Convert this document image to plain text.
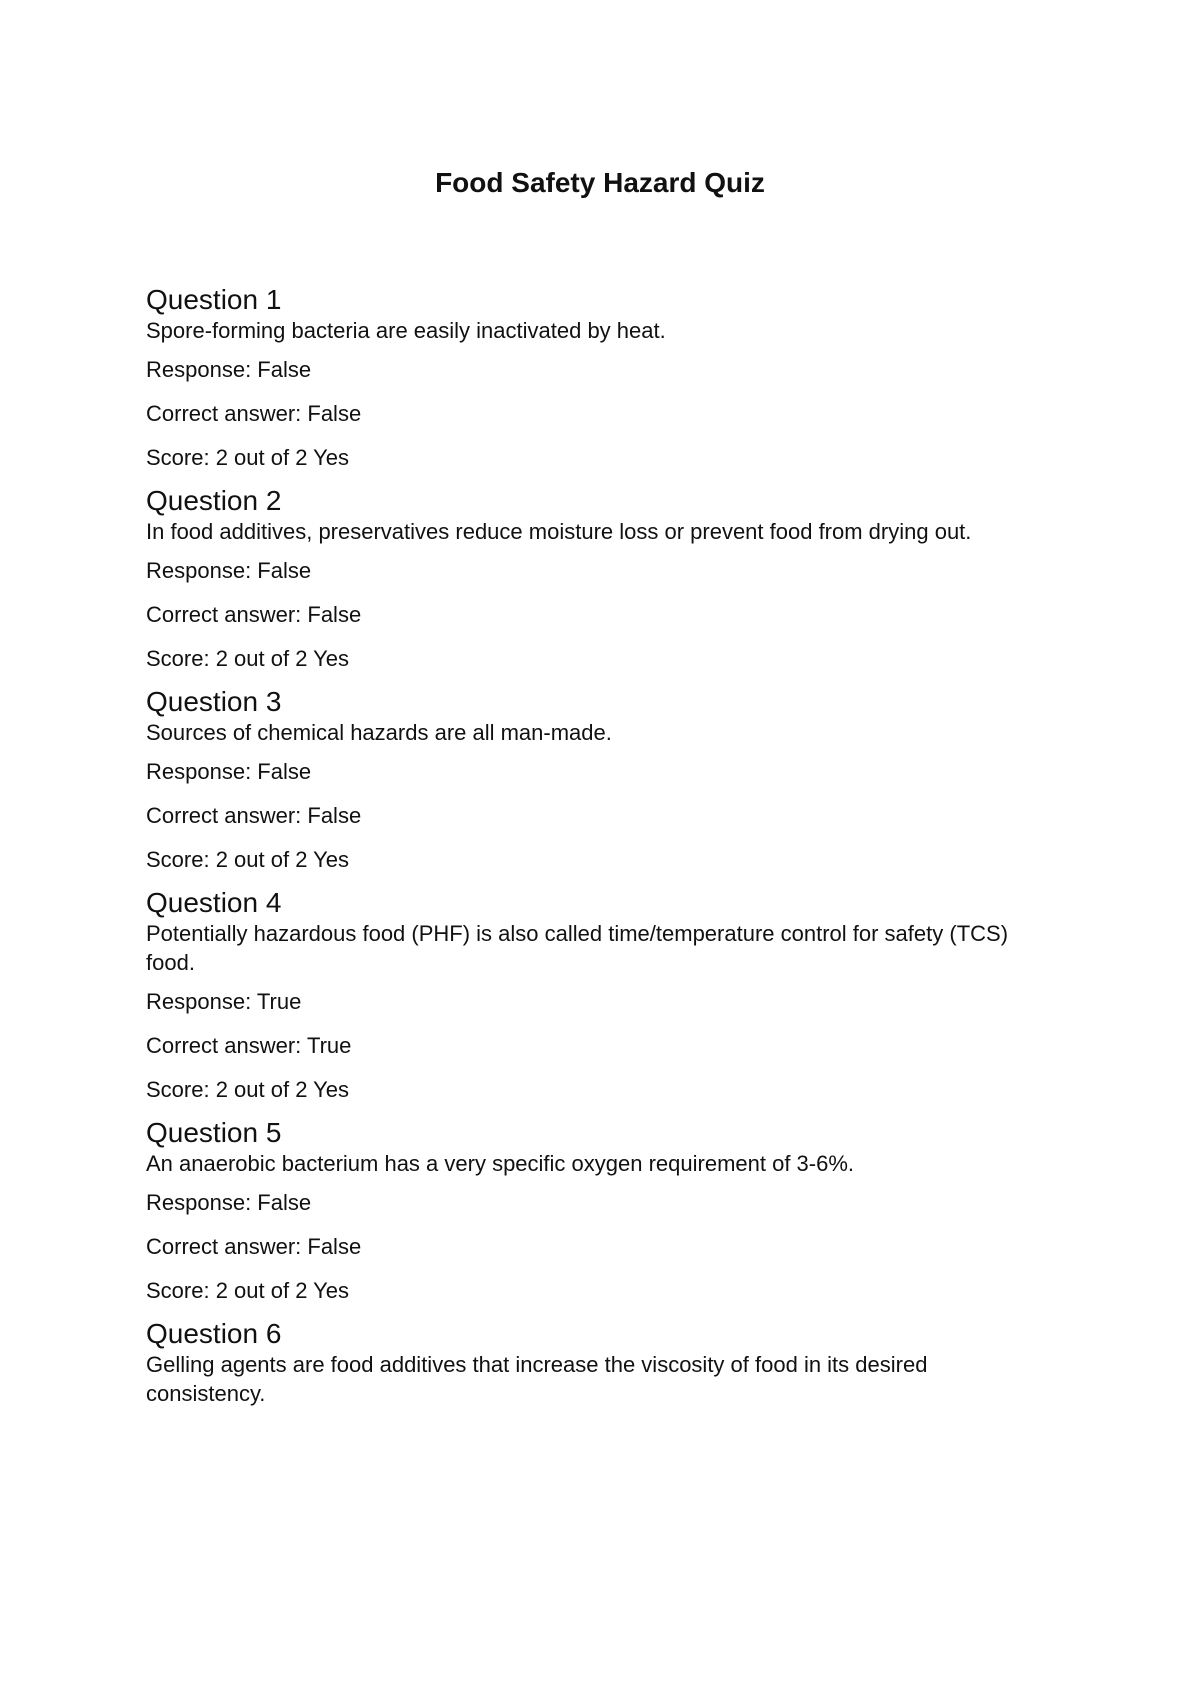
Food Safety Hazard Quiz
Question 1
Spore-forming bacteria are easily inactivated by heat.
Response: False
Correct answer: False
Score: 2 out of 2 Yes
Question 2
In food additives, preservatives reduce moisture loss or prevent food from drying out.
Response: False
Correct answer: False
Score: 2 out of 2 Yes
Question 3
Sources of chemical hazards are all man-made.
Response: False
Correct answer: False
Score: 2 out of 2 Yes
Question 4
Potentially hazardous food (PHF) is also called time/temperature control for safety (TCS) food.
Response: True
Correct answer: True
Score: 2 out of 2 Yes
Question 5
An anaerobic bacterium has a very specific oxygen requirement of 3-6%.
Response: False
Correct answer: False
Score: 2 out of 2 Yes
Question 6
Gelling agents are food additives that increase the viscosity of food in its desired consistency.
